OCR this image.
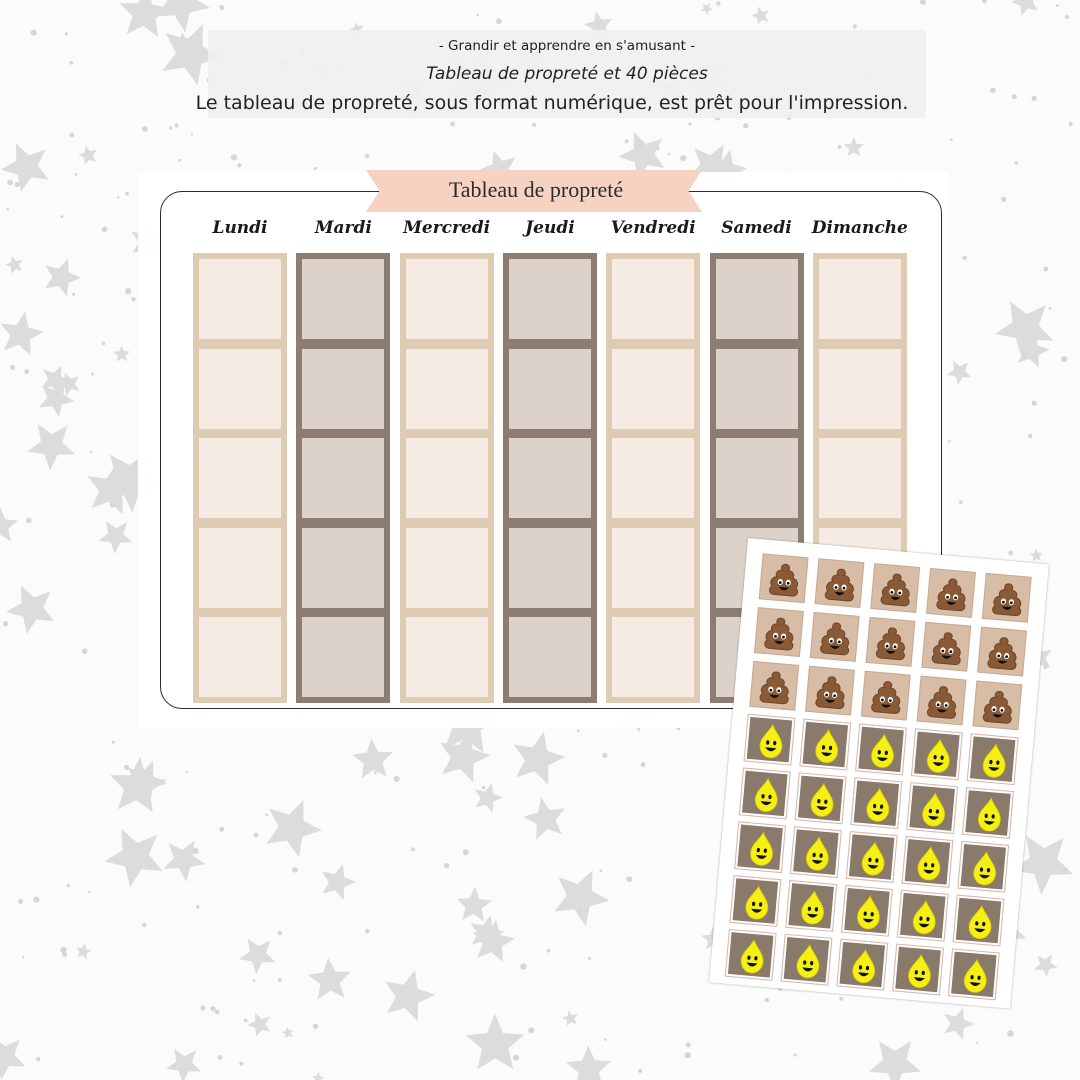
- Grandir et apprendre en s'amusant -
Tableau de propreté et 40 pièces
Le tableau de propreté, sous format numérique, est prêt pour l'impression.
Tableau de propreté
Lundi	Mardi	Mercredi	Jeudi	Vendredi	Samedi	Dimanche
